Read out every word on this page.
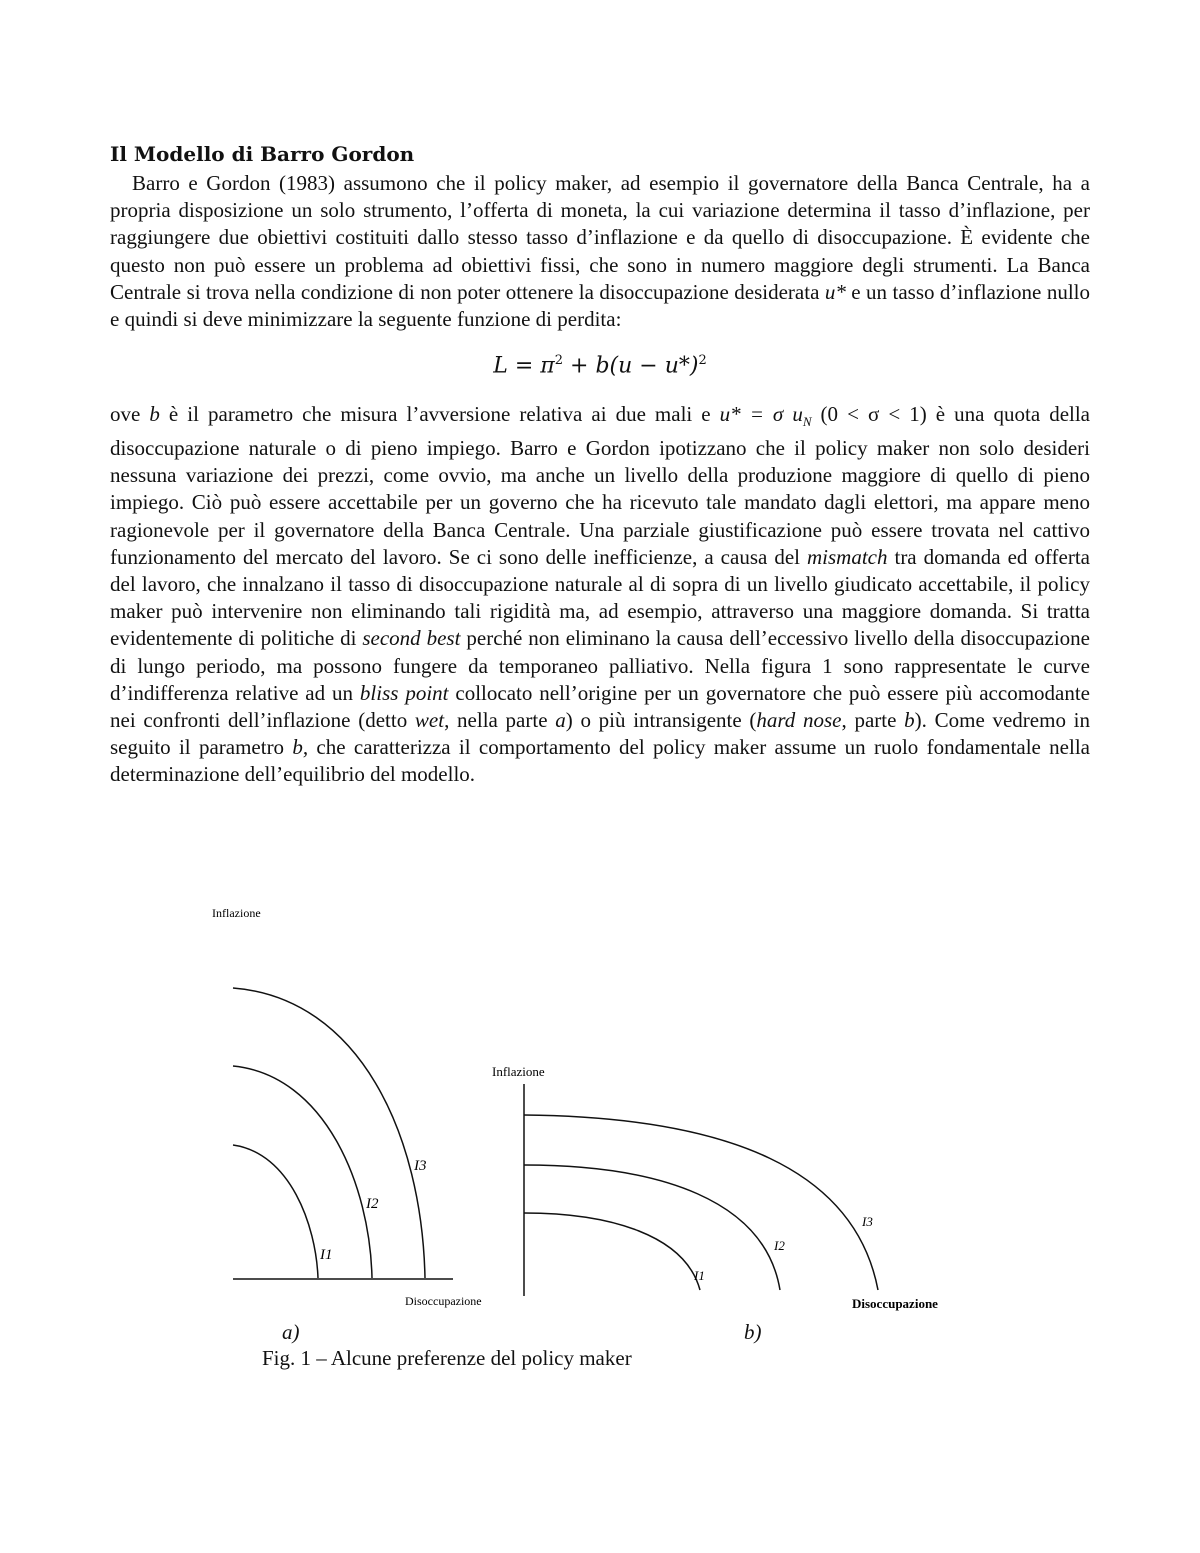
Il Modello di Barro Gordon

Barro e Gordon (1983) assumono che il policy maker, ad esempio il governatore della Banca Centrale, ha a propria disposizione un solo strumento, l’offerta di moneta, la cui variazione determina il tasso d’inflazione, per raggiungere due obiettivi costituiti dallo stesso tasso d’inflazione e da quello di disoccupazione. È evidente che questo non può essere un problema ad obiettivi fissi, che sono in numero maggiore degli strumenti. La Banca Centrale si trova nella condizione di non poter ottenere la disoccupazione desiderata u* e un tasso d’inflazione nullo e quindi si deve minimizzare la seguente funzione di perdita:

$L = \pi^2 + b(u - u*)^2$

ove b è il parametro che misura l’avversione relativa ai due mali e u* = σ $u_N$ (0 < σ < 1) è una quota della disoccupazione naturale o di pieno impiego. Barro e Gordon ipotizzano che il policy maker non solo desideri nessuna variazione dei prezzi, come ovvio, ma anche un livello della produzione maggiore di quello di pieno impiego. Ciò può essere accettabile per un governo che ha ricevuto tale mandato dagli elettori, ma appare meno ragionevole per il governatore della Banca Centrale. Una parziale giustificazione può essere trovata nel cattivo funzionamento del mercato del lavoro. Se ci sono delle inefficienze, a causa del mismatch tra domanda ed offerta del lavoro, che innalzano il tasso di disoccupazione naturale al di sopra di un livello giudicato accettabile, il policy maker può intervenire non eliminando tali rigidità ma, ad esempio, attraverso una maggiore domanda. Si tratta evidentemente di politiche di second best perché non eliminano la causa dell’eccessivo livello della disoccupazione di lungo periodo, ma possono fungere da temporaneo palliativo. Nella figura 1 sono rappresentate le curve d’indifferenza relative ad un bliss point collocato nell’origine per un governatore che può essere più accomodante nei confronti dell’inflazione (detto wet, nella parte a) o più intransigente (hard nose, parte b). Come vedremo in seguito il parametro b, che caratterizza il comportamento del policy maker assume un ruolo fondamentale nella determinazione dell’equilibrio del modello.

Inflazione
I1
I2
I3
Disoccupazione
Inflazione
I1
I2
I3
Disoccupazione
a)	b)
Fig. 1 – Alcune preferenze del policy maker
